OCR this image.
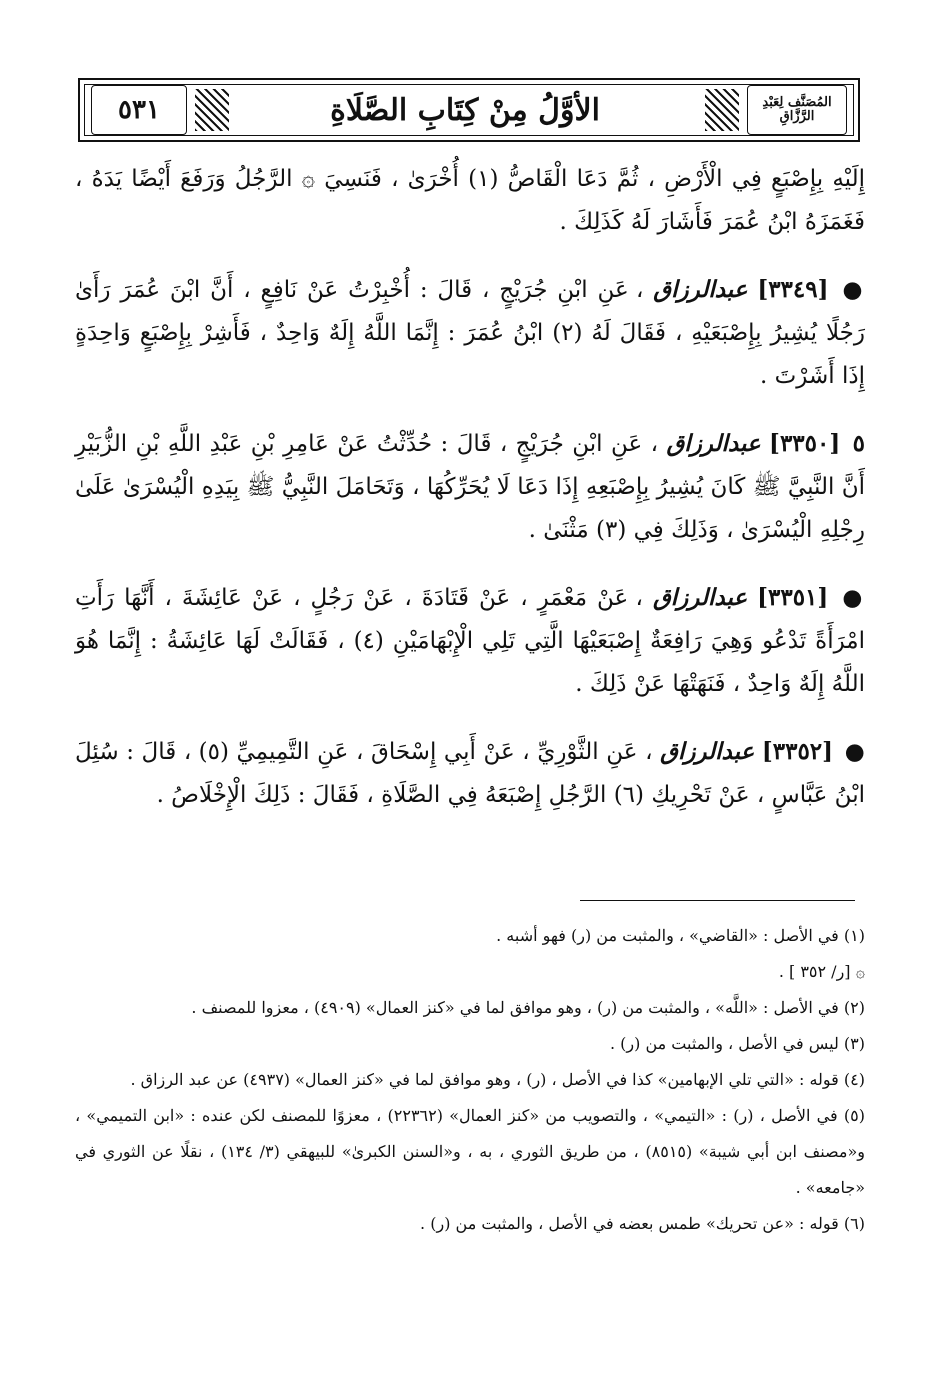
٥٣١	الأوَّلُ مِنْ كِتَابِ الصَّلَاةِ	المُصَنَّف لِعَبْدِ الرَّزَّاقِ

إِلَيْهِ بِإِصْبَعٍ فِي الْأَرْضِ ، ثُمَّ دَعَا الْقَاصُّ (١) أُخْرَىٰ ، فَنَسِيَ ۞ الرَّجُلُ وَرَفَعَ أَيْضًا يَدَهُ ، فَغَمَزَهُ ابْنُ عُمَرَ فَأَشَارَ لَهُ كَذَلِكَ .

● [٣٣٤٩] عبدالرزاق ، عَنِ ابْنِ جُرَيْجٍ ، قَالَ : أُخْبِرْتُ عَنْ نَافِعٍ ، أَنَّ ابْنَ عُمَرَ رَأَىٰ رَجُلًا يُشِيرُ بِإِصْبَعَيْهِ ، فَقَالَ لَهُ (٢) ابْنُ عُمَرَ : إِنَّمَا اللَّهُ إِلَهٌ وَاحِدٌ ، فَأَشِرْ بِإِصْبَعٍ وَاحِدَةٍ إِذَا أَشَرْتَ .

٥ [٣٣٥٠] عبدالرزاق ، عَنِ ابْنِ جُرَيْجٍ ، قَالَ : حُدِّثْتُ عَنْ عَامِرِ بْنِ عَبْدِ اللَّهِ بْنِ الزُّبَيْرِ أَنَّ النَّبِيَّ ﷺ كَانَ يُشِيرُ بِإِصْبَعِهِ إِذَا دَعَا لَا يُحَرِّكُهَا ، وَتَحَامَلَ النَّبِيُّ ﷺ بِيَدِهِ الْيُسْرَىٰ عَلَىٰ رِجْلِهِ الْيُسْرَىٰ ، وَذَلِكَ فِي (٣) مَثْنَىٰ .

● [٣٣٥١] عبدالرزاق ، عَنْ مَعْمَرٍ ، عَنْ قَتَادَةَ ، عَنْ رَجُلٍ ، عَنْ عَائِشَةَ ، أَنَّهَا رَأَتِ امْرَأَةً تَدْعُو وَهِيَ رَافِعَةٌ إِصْبَعَيْهَا الَّتِي تَلِي الْإِبْهَامَيْنِ (٤) ، فَقَالَتْ لَهَا عَائِشَةُ : إِنَّمَا هُوَ اللَّهُ إِلَهٌ وَاحِدٌ ، فَنَهَتْهَا عَنْ ذَلِكَ .

● [٣٣٥٢] عبدالرزاق ، عَنِ الثَّوْرِيِّ ، عَنْ أَبِي إِسْحَاقَ ، عَنِ التَّمِيمِيِّ (٥) ، قَالَ : سُئِلَ ابْنُ عَبَّاسٍ ، عَنْ تَحْرِيكِ (٦) الرَّجُلِ إِصْبَعَهُ فِي الصَّلَاةِ ، فَقَالَ : ذَلِكَ الْإِخْلَاصُ .

(١) في الأصل : «القاضي» ، والمثبت من (ر) فهو أشبه .

۞ [ر/ ٣٥٢ ] .

(٢) في الأصل : «اللَّه» ، والمثبت من (ر) ، وهو موافق لما في «كنز العمال» (٤٩٠٩) ، معزوا للمصنف .

(٣) ليس في الأصل ، والمثبت من (ر) .

(٤) قوله : «التي تلي الإبهامين» كذا في الأصل ، (ر) ، وهو موافق لما في «كنز العمال» (٤٩٣٧) عن عبد الرزاق .

(٥) في الأصل ، (ر) : «التيمي» ، والتصويب من «كنز العمال» (٢٢٣٦٢) ، معزوًا للمصنف لكن عنده : «ابن التميمي» ، و«مصنف ابن أبي شيبة» (٨٥١٥) ، من طريق الثوري ، به ، و«السنن الكبرىٰ» للبيهقي (٣/ ١٣٤) ، نقلًا عن الثوري في «جامعه» .

(٦) قوله : «عن تحريك» طمس بعضه في الأصل ، والمثبت من (ر) .
